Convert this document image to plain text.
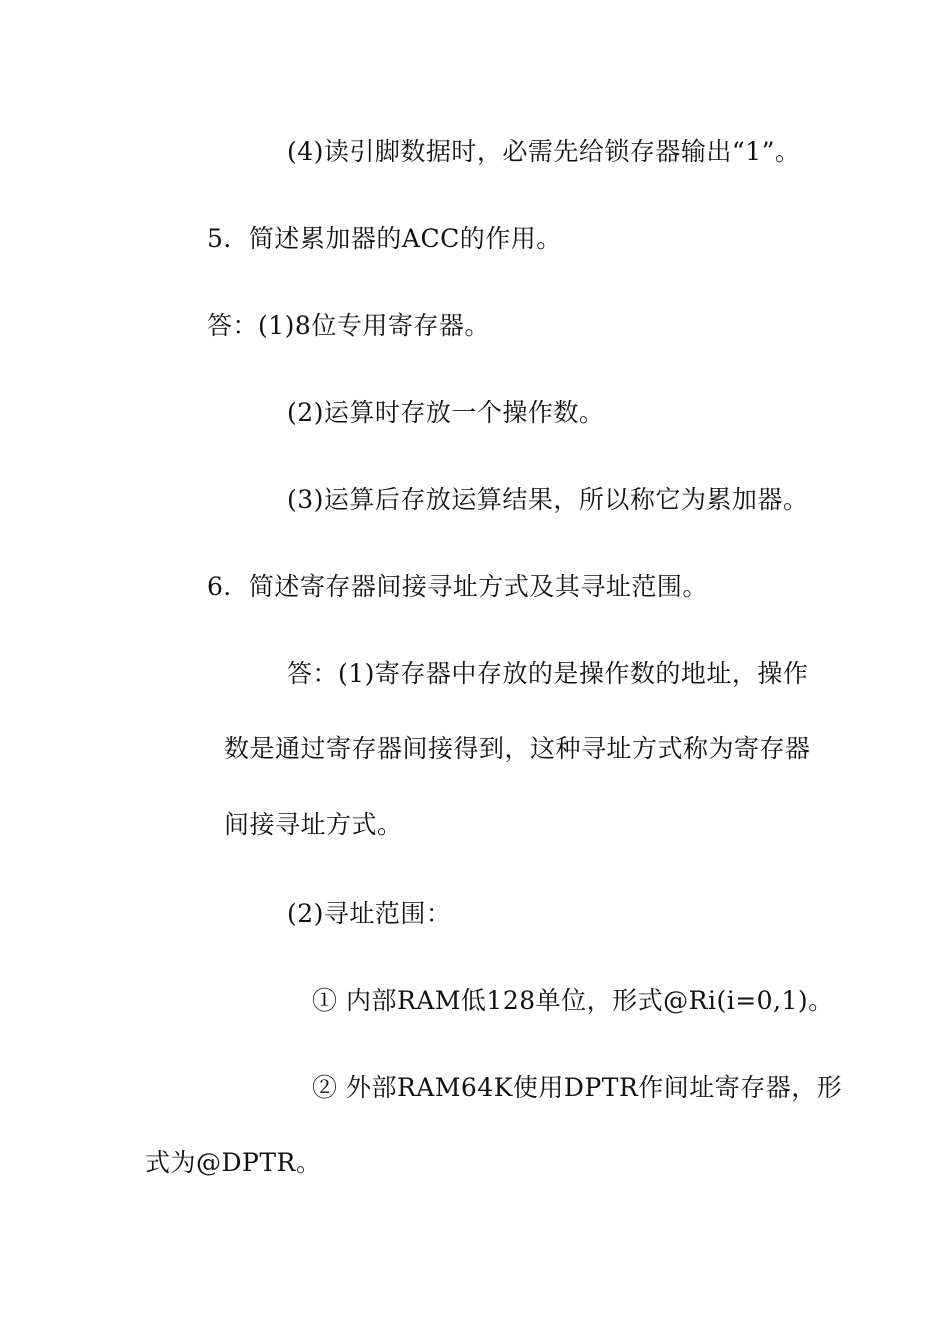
(4)读引脚数据时，必需先给锁存器输出“1”。
5．简述累加器的ACC的作用。
答：(1)8位专用寄存器。
(2)运算时存放一个操作数。
(3)运算后存放运算结果，所以称它为累加器。
6．简述寄存器间接寻址方式及其寻址范围。
答：(1)寄存器中存放的是操作数的地址，操作
数是通过寄存器间接得到，这种寻址方式称为寄存器
间接寻址方式。
(2)寻址范围：
① 内部RAM低128单位，形式@Ri(i=0,1)。
② 外部RAM64K使用DPTR作间址寄存器，形
式为@DPTR。
